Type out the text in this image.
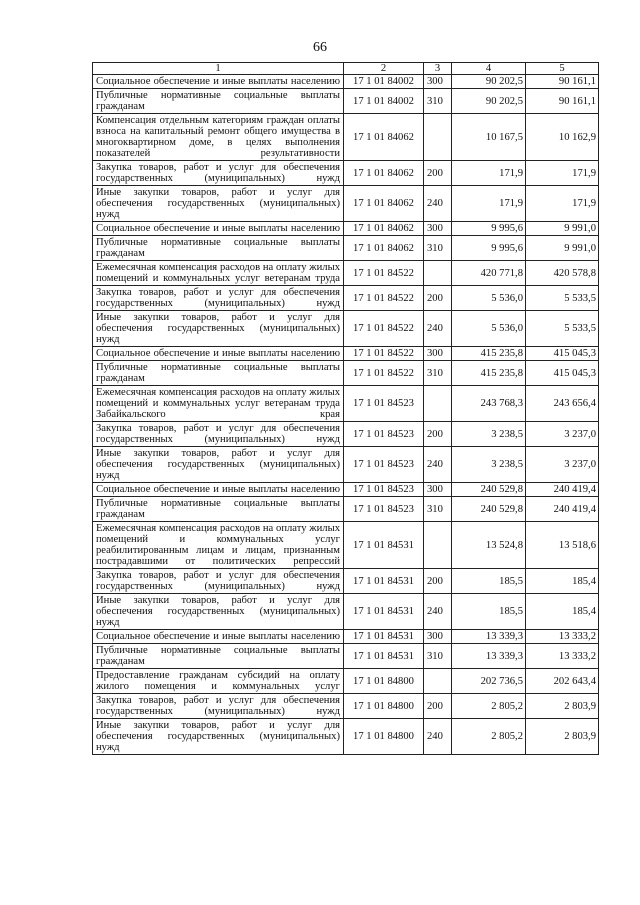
66
1	2	3	4	5
Социальное обеспечение и иные выплаты населению	17 1 01 84002	300	90 202,5	90 161,1
Публичные нормативные социальные выплаты гражданам	17 1 01 84002	310	90 202,5	90 161,1
Компенсация отдельным категориям граждан оплаты взноса на капитальный ремонт общего имущества в многоквартирном доме, в целях выполнения показателей результативности	17 1 01 84062		10 167,5	10 162,9
Закупка товаров, работ и услуг для обеспечения государственных (муниципальных) нужд	17 1 01 84062	200	171,9	171,9
Иные закупки товаров, работ и услуг для обеспечения государственных (муниципальных) нужд	17 1 01 84062	240	171,9	171,9
Социальное обеспечение и иные выплаты населению	17 1 01 84062	300	9 995,6	9 991,0
Публичные нормативные социальные выплаты гражданам	17 1 01 84062	310	9 995,6	9 991,0
Ежемесячная компенсация расходов на оплату жилых помещений и коммунальных услуг ветеранам труда	17 1 01 84522		420 771,8	420 578,8
Закупка товаров, работ и услуг для обеспечения государственных (муниципальных) нужд	17 1 01 84522	200	5 536,0	5 533,5
Иные закупки товаров, работ и услуг для обеспечения государственных (муниципальных) нужд	17 1 01 84522	240	5 536,0	5 533,5
Социальное обеспечение и иные выплаты населению	17 1 01 84522	300	415 235,8	415 045,3
Публичные нормативные социальные выплаты гражданам	17 1 01 84522	310	415 235,8	415 045,3
Ежемесячная компенсация расходов на оплату жилых помещений и коммунальных услуг ветеранам труда Забайкальского края	17 1 01 84523		243 768,3	243 656,4
Закупка товаров, работ и услуг для обеспечения государственных (муниципальных) нужд	17 1 01 84523	200	3 238,5	3 237,0
Иные закупки товаров, работ и услуг для обеспечения государственных (муниципальных) нужд	17 1 01 84523	240	3 238,5	3 237,0
Социальное обеспечение и иные выплаты населению	17 1 01 84523	300	240 529,8	240 419,4
Публичные нормативные социальные выплаты гражданам	17 1 01 84523	310	240 529,8	240 419,4
Ежемесячная компенсация расходов на оплату жилых помещений и коммунальных услуг реабилитированным лицам и лицам, признанным пострадавшими от политических репрессий	17 1 01 84531		13 524,8	13 518,6
Закупка товаров, работ и услуг для обеспечения государственных (муниципальных) нужд	17 1 01 84531	200	185,5	185,4
Иные закупки товаров, работ и услуг для обеспечения государственных (муниципальных) нужд	17 1 01 84531	240	185,5	185,4
Социальное обеспечение и иные выплаты населению	17 1 01 84531	300	13 339,3	13 333,2
Публичные нормативные социальные выплаты гражданам	17 1 01 84531	310	13 339,3	13 333,2
Предоставление гражданам субсидий на оплату жилого помещения и коммунальных услуг	17 1 01 84800		202 736,5	202 643,4
Закупка товаров, работ и услуг для обеспечения государственных (муниципальных) нужд	17 1 01 84800	200	2 805,2	2 803,9
Иные закупки товаров, работ и услуг для обеспечения государственных (муниципальных) нужд	17 1 01 84800	240	2 805,2	2 803,9
